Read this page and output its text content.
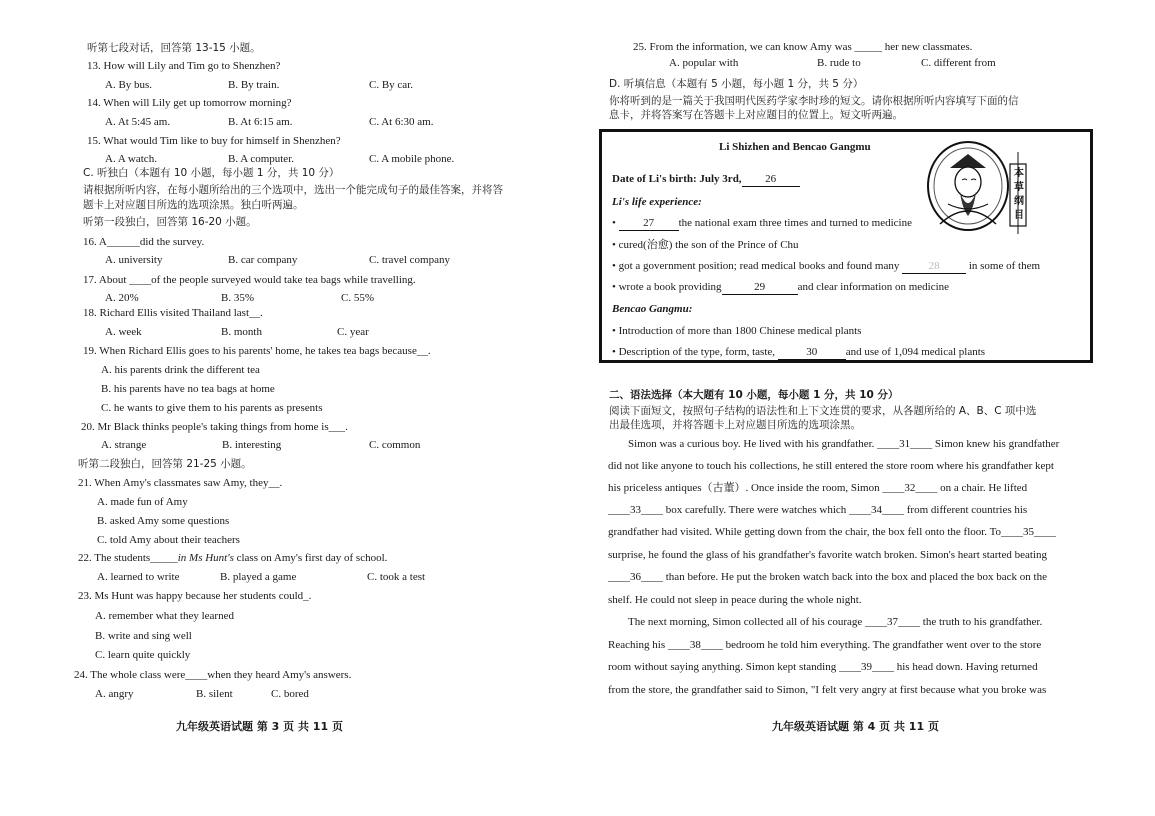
听第七段对话，回答第 13-15 小题。
13. How will Lily and Tim go to Shenzhen?
A. By bus.	B. By train.	C. By car.
14. When will Lily get up tomorrow morning?
A. At 5:45 am.	B. At 6:15 am.	C. At 6:30 am.
15. What would Tim like to buy for himself in Shenzhen?
A. A watch.	B. A computer.	C. A mobile phone.
C. 听独白（本题有 10 小题，每小题 1 分，共 10 分）
请根据所听内容，在每小题所给出的三个选项中，选出一个能完成句子的最佳答案，并将答
题卡上对应题目所选的选项涂黑。独白听两遍。
听第一段独白，回答第 16-20 小题。
16. A______did the survey.
A. university	B. car company	C. travel company
17. About ____of the people surveyed would take tea bags while travelling.
A. 20%	B. 35%	C. 55%
18. Richard Ellis visited Thailand last__.
A. week	B. month	C. year
19. When Richard Ellis goes to his parents' home, he takes tea bags because__.
A. his parents drink the different tea
B. his parents have no tea bags at home
C. he wants to give them to his parents as presents
20. Mr Black thinks people's taking things from home is___.
A. strange	B. interesting	C. common
听第二段独白，回答第 21-25 小题。
21. When Amy's classmates saw Amy, they__.
A. made fun of Amy
B. asked Amy some questions
C. told Amy about their teachers
22. The students_____in Ms Hunt's class on Amy's first day of school.
A. learned to write	B. played a game	C. took a test
23. Ms Hunt was happy because her students could_.
A. remember what they learned
B. write and sing well
C. learn quite quickly
24. The whole class were____when they heard Amy's answers.
A. angry	B. silent	C. bored
九年级英语试题 第 3 页 共 11 页
25. From the information, we can know Amy was _____ her new classmates.
A. popular with	B. rude to	C. different from
D. 听填信息（本题有 5 小题，每小题 1 分，共 5 分）
你将听到的是一篇关于我国明代医药学家李时珍的短文。请你根据所听内容填写下面的信
息卡，并将答案写在答题卡上对应题目的位置上。短文听两遍。
Li Shizhen and Bencao Gangmu
Date of Li's birth: July 3rd, 26
Li's life experience:
• 27 the national exam three times and turned to medicine
• cured(治愈) the son of the Prince of Chu
• got a government position; read medical books and found many	28	in some of them
• wrote a book providing	29	and clear information on medicine
Bencao Gangmu:
• Introduction of more than 1800 Chinese medical plants
• Description of the type, form, taste,	30	and use of 1,094 medical plants
本草纲目
二、语法选择（本大题有 10 小题，每小题 1 分，共 10 分）
阅读下面短文，按照句子结构的语法性和上下文连贯的要求，从各题所给的 A、B、C 项中选
出最佳选项，并将答题卡上对应题目所选的选项涂黑。
Simon was a curious boy. He lived with his grandfather. ____31____ Simon knew his grandfather
did not like anyone to touch his collections, he still entered the store room where his grandfather kept
his priceless antiques（古董）. Once inside the room, Simon ____32____ on a chair. He lifted
____33____ box carefully. There were watches which ____34____ from different countries his
grandfather had visited. While getting down from the chair, the box fell onto the floor. To____35____
surprise, he found the glass of his grandfather's favorite watch broken. Simon's heart started beating
____36____ than before. He put the broken watch back into the box and placed the box back on the
shelf. He could not sleep in peace during the whole night.
The next morning, Simon collected all of his courage ____37____ the truth to his grandfather.
Reaching his ____38____ bedroom he told him everything. The grandfather went over to the store
room without saying anything. Simon kept standing ____39____ his head down. Having returned
from the store, the grandfather said to Simon, "I felt very angry at first because what you broke was
九年级英语试题 第 4 页 共 11 页
